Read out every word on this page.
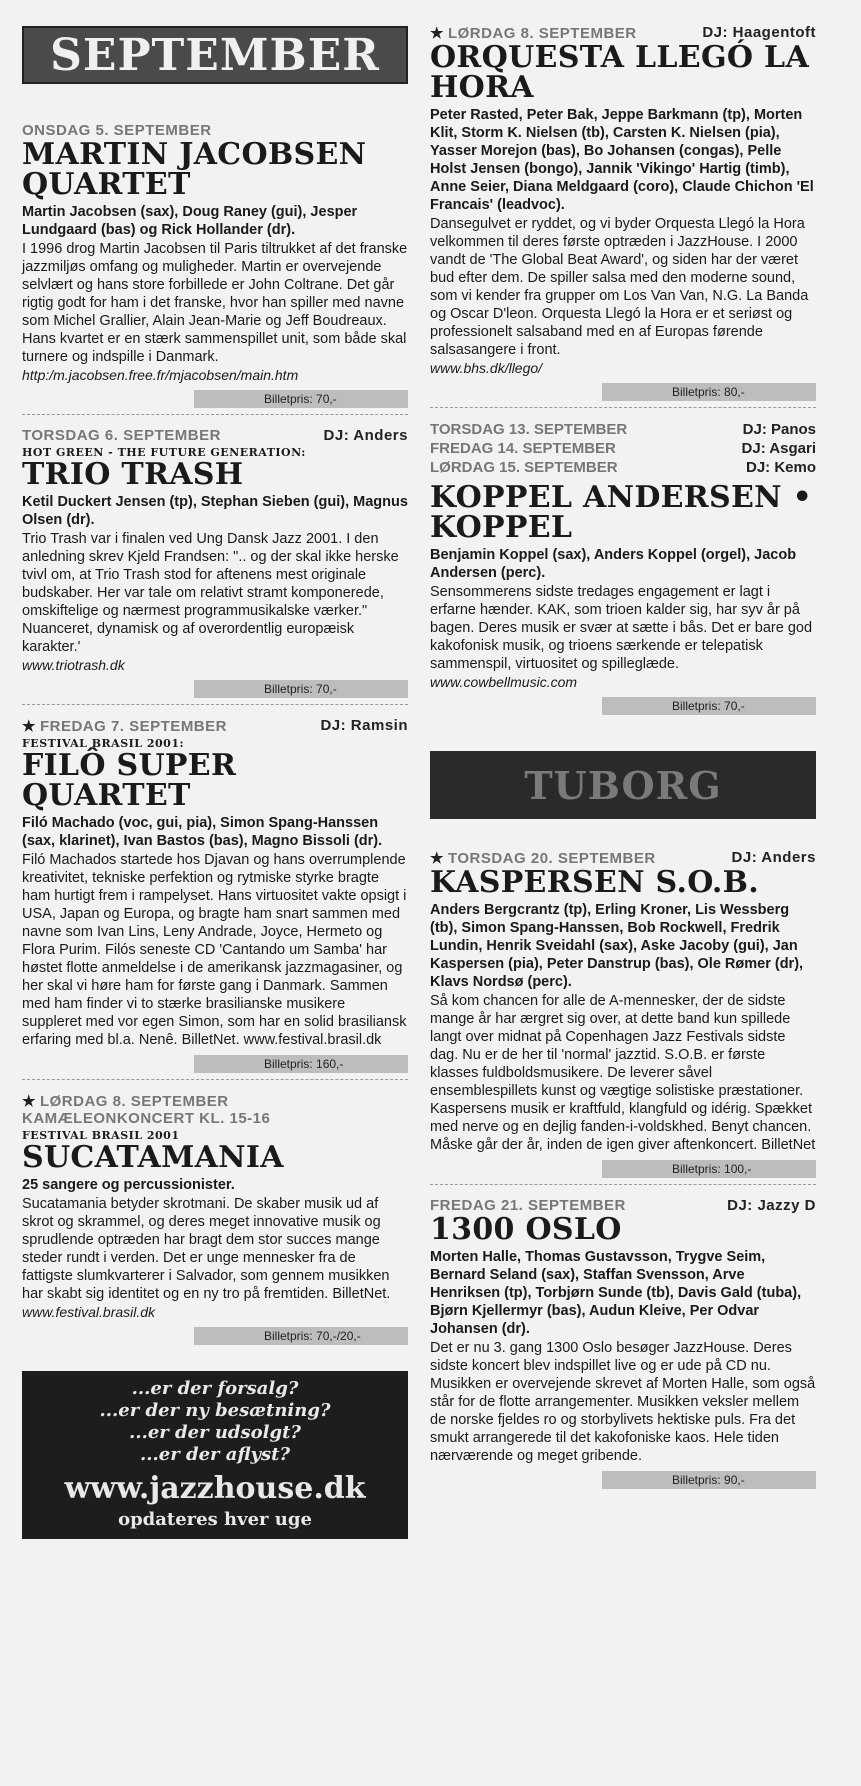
SEPTEMBER
ONSDAG 5. SEPTEMBER
MARTIN JACOBSEN QUARTET
Martin Jacobsen (sax), Doug Raney (gui), Jesper Lundgaard (bas) og Rick Hollander (dr).
I 1996 drog Martin Jacobsen til Paris tiltrukket af det franske jazzmiljøs omfang og muligheder. Martin er overvejende selvlært og hans store forbillede er John Coltrane. Det går rigtig godt for ham i det franske, hvor han spiller med navne som Michel Grallier, Alain Jean-Marie og Jeff Boudreaux. Hans kvartet er en stærk sammenspillet unit, som både skal turnere og indspille i Danmark.
http:/m.jacobsen.free.fr/mjacobsen/main.htm
Billetpris: 70,-
TORSDAG 6. SEPTEMBER	DJ: Anders
HOT GREEN - THE FUTURE GENERATION:
TRIO TRASH
Ketil Duckert Jensen (tp), Stephan Sieben (gui), Magnus Olsen (dr).
Trio Trash var i finalen ved Ung Dansk Jazz 2001. I den anledning skrev Kjeld Frandsen: ".. og der skal ikke herske tvivl om, at Trio Trash stod for aftenens mest originale budskaber. Her var tale om relativt stramt komponerede, omskiftelige og nærmest programmusikalske værker." Nuanceret, dynamisk og af overordentlig europæisk karakter.'
www.triotrash.dk
Billetpris: 70,-
★ FREDAG 7. SEPTEMBER	DJ: Ramsin
FESTIVAL BRASIL 2001:
FILÔ SUPER QUARTET
Filó Machado (voc, gui, pia), Simon Spang-Hanssen (sax, klarinet), Ivan Bastos (bas), Magno Bissoli (dr).
Filó Machados startede hos Djavan og hans overrumplende kreativitet, tekniske perfektion og rytmiske styrke bragte ham hurtigt frem i rampelyset. Hans virtuositet vakte opsigt i USA, Japan og Europa, og bragte ham snart sammen med navne som Ivan Lins, Leny Andrade, Joyce, Hermeto og Flora Purim. Filós seneste CD 'Cantando um Samba' har høstet flotte anmeldelse i de amerikansk jazzmagasiner, og her skal vi høre ham for første gang i Danmark. Sammen med ham finder vi to stærke brasilianske musikere suppleret med vor egen Simon, som har en solid brasiliansk erfaring med bl.a. Nenê. BilletNet. www.festival.brasil.dk
Billetpris: 160,-
★ LØRDAG 8. SEPTEMBER
KAMÆLEONKONCERT KL. 15-16
FESTIVAL BRASIL 2001
SUCATAMANIA
25 sangere og percussionister.
Sucatamania betyder skrotmani. De skaber musik ud af skrot og skrammel, og deres meget innovative musik og sprudlende optræden har bragt dem stor succes mange steder rundt i verden. Det er unge mennesker fra de fattigste slumkvarterer i Salvador, som gennem musikken har skabt sig identitet og en ny tro på fremtiden. BilletNet.
www.festival.brasil.dk
Billetpris: 70,-/20,-
...er der forsalg?
...er der ny besætning?
...er der udsolgt?
...er der aflyst?
www.jazzhouse.dk
opdateres hver uge
★ LØRDAG 8. SEPTEMBER	DJ: Haagentoft
ORQUESTA LLEGÓ LA HORA
Peter Rasted, Peter Bak, Jeppe Barkmann (tp), Morten Klit, Storm K. Nielsen (tb), Carsten K. Nielsen (pia), Yasser Morejon (bas), Bo Johansen (congas), Pelle Holst Jensen (bongo), Jannik 'Vikingo' Hartig (timb), Anne Seier, Diana Meldgaard (coro), Claude Chichon 'El Francais' (leadvoc).
Dansegulvet er ryddet, og vi byder Orquesta Llegó la Hora velkommen til deres første optræden i JazzHouse. I 2000 vandt de 'The Global Beat Award', og siden har der været bud efter dem. De spiller salsa med den moderne sound, som vi kender fra grupper om Los Van Van, N.G. La Banda og Oscar D'leon. Orquesta Llegó la Hora er et seriøst og professionelt salsaband med en af Europas førende salsasangere i front.
www.bhs.dk/llego/
Billetpris: 80,-
TORSDAG 13. SEPTEMBER	DJ: Panos
FREDAG 14. SEPTEMBER	DJ: Asgari
LØRDAG 15. SEPTEMBER	DJ: Kemo
KOPPEL ANDERSEN • KOPPEL
Benjamin Koppel (sax), Anders Koppel (orgel), Jacob Andersen (perc).
Sensommerens sidste tredages engagement er lagt i erfarne hænder. KAK, som trioen kalder sig, har syv år på bagen. Deres musik er svær at sætte i bås. Det er bare god kakofonisk musik, og trioens særkende er telepatisk sammenspil, virtuositet og spilleglæde.
www.cowbellmusic.com
Billetpris: 70,-
TUBORG
★ TORSDAG 20. SEPTEMBER	DJ: Anders
KASPERSEN S.O.B.
Anders Bergcrantz (tp), Erling Kroner, Lis Wessberg (tb), Simon Spang-Hanssen, Bob Rockwell, Fredrik Lundin, Henrik Sveidahl (sax), Aske Jacoby (gui), Jan Kaspersen (pia), Peter Danstrup (bas), Ole Rømer (dr), Klavs Nordsø (perc).
Så kom chancen for alle de A-mennesker, der de sidste mange år har ærgret sig over, at dette band kun spillede langt over midnat på Copenhagen Jazz Festivals sidste dag. Nu er de her til 'normal' jazztid. S.O.B. er første klasses fuldboldsmusikere. De leverer såvel ensemblespillets kunst og vægtige solistiske præstationer. Kaspersens musik er kraftfuld, klangfuld og idérig. Spækket med nerve og en dejlig fanden-i-voldskhed. Benyt chancen. Måske går der år, inden de igen giver aftenkoncert. BilletNet
Billetpris: 100,-
FREDAG 21. SEPTEMBER	DJ: Jazzy D
1300 OSLO
Morten Halle, Thomas Gustavsson, Trygve Seim, Bernard Seland (sax), Staffan Svensson, Arve Henriksen (tp), Torbjørn Sunde (tb), Davis Gald (tuba), Bjørn Kjellermyr (bas), Audun Kleive, Per Odvar Johansen (dr).
Det er nu 3. gang 1300 Oslo besøger JazzHouse. Deres sidste koncert blev indspillet live og er ude på CD nu. Musikken er overvejende skrevet af Morten Halle, som også står for de flotte arrangementer. Musikken veksler mellem de norske fjeldes ro og storbylivets hektiske puls. Fra det smukt arrangerede til det kakofoniske kaos. Hele tiden nærværende og meget gribende.
Billetpris: 90,-
